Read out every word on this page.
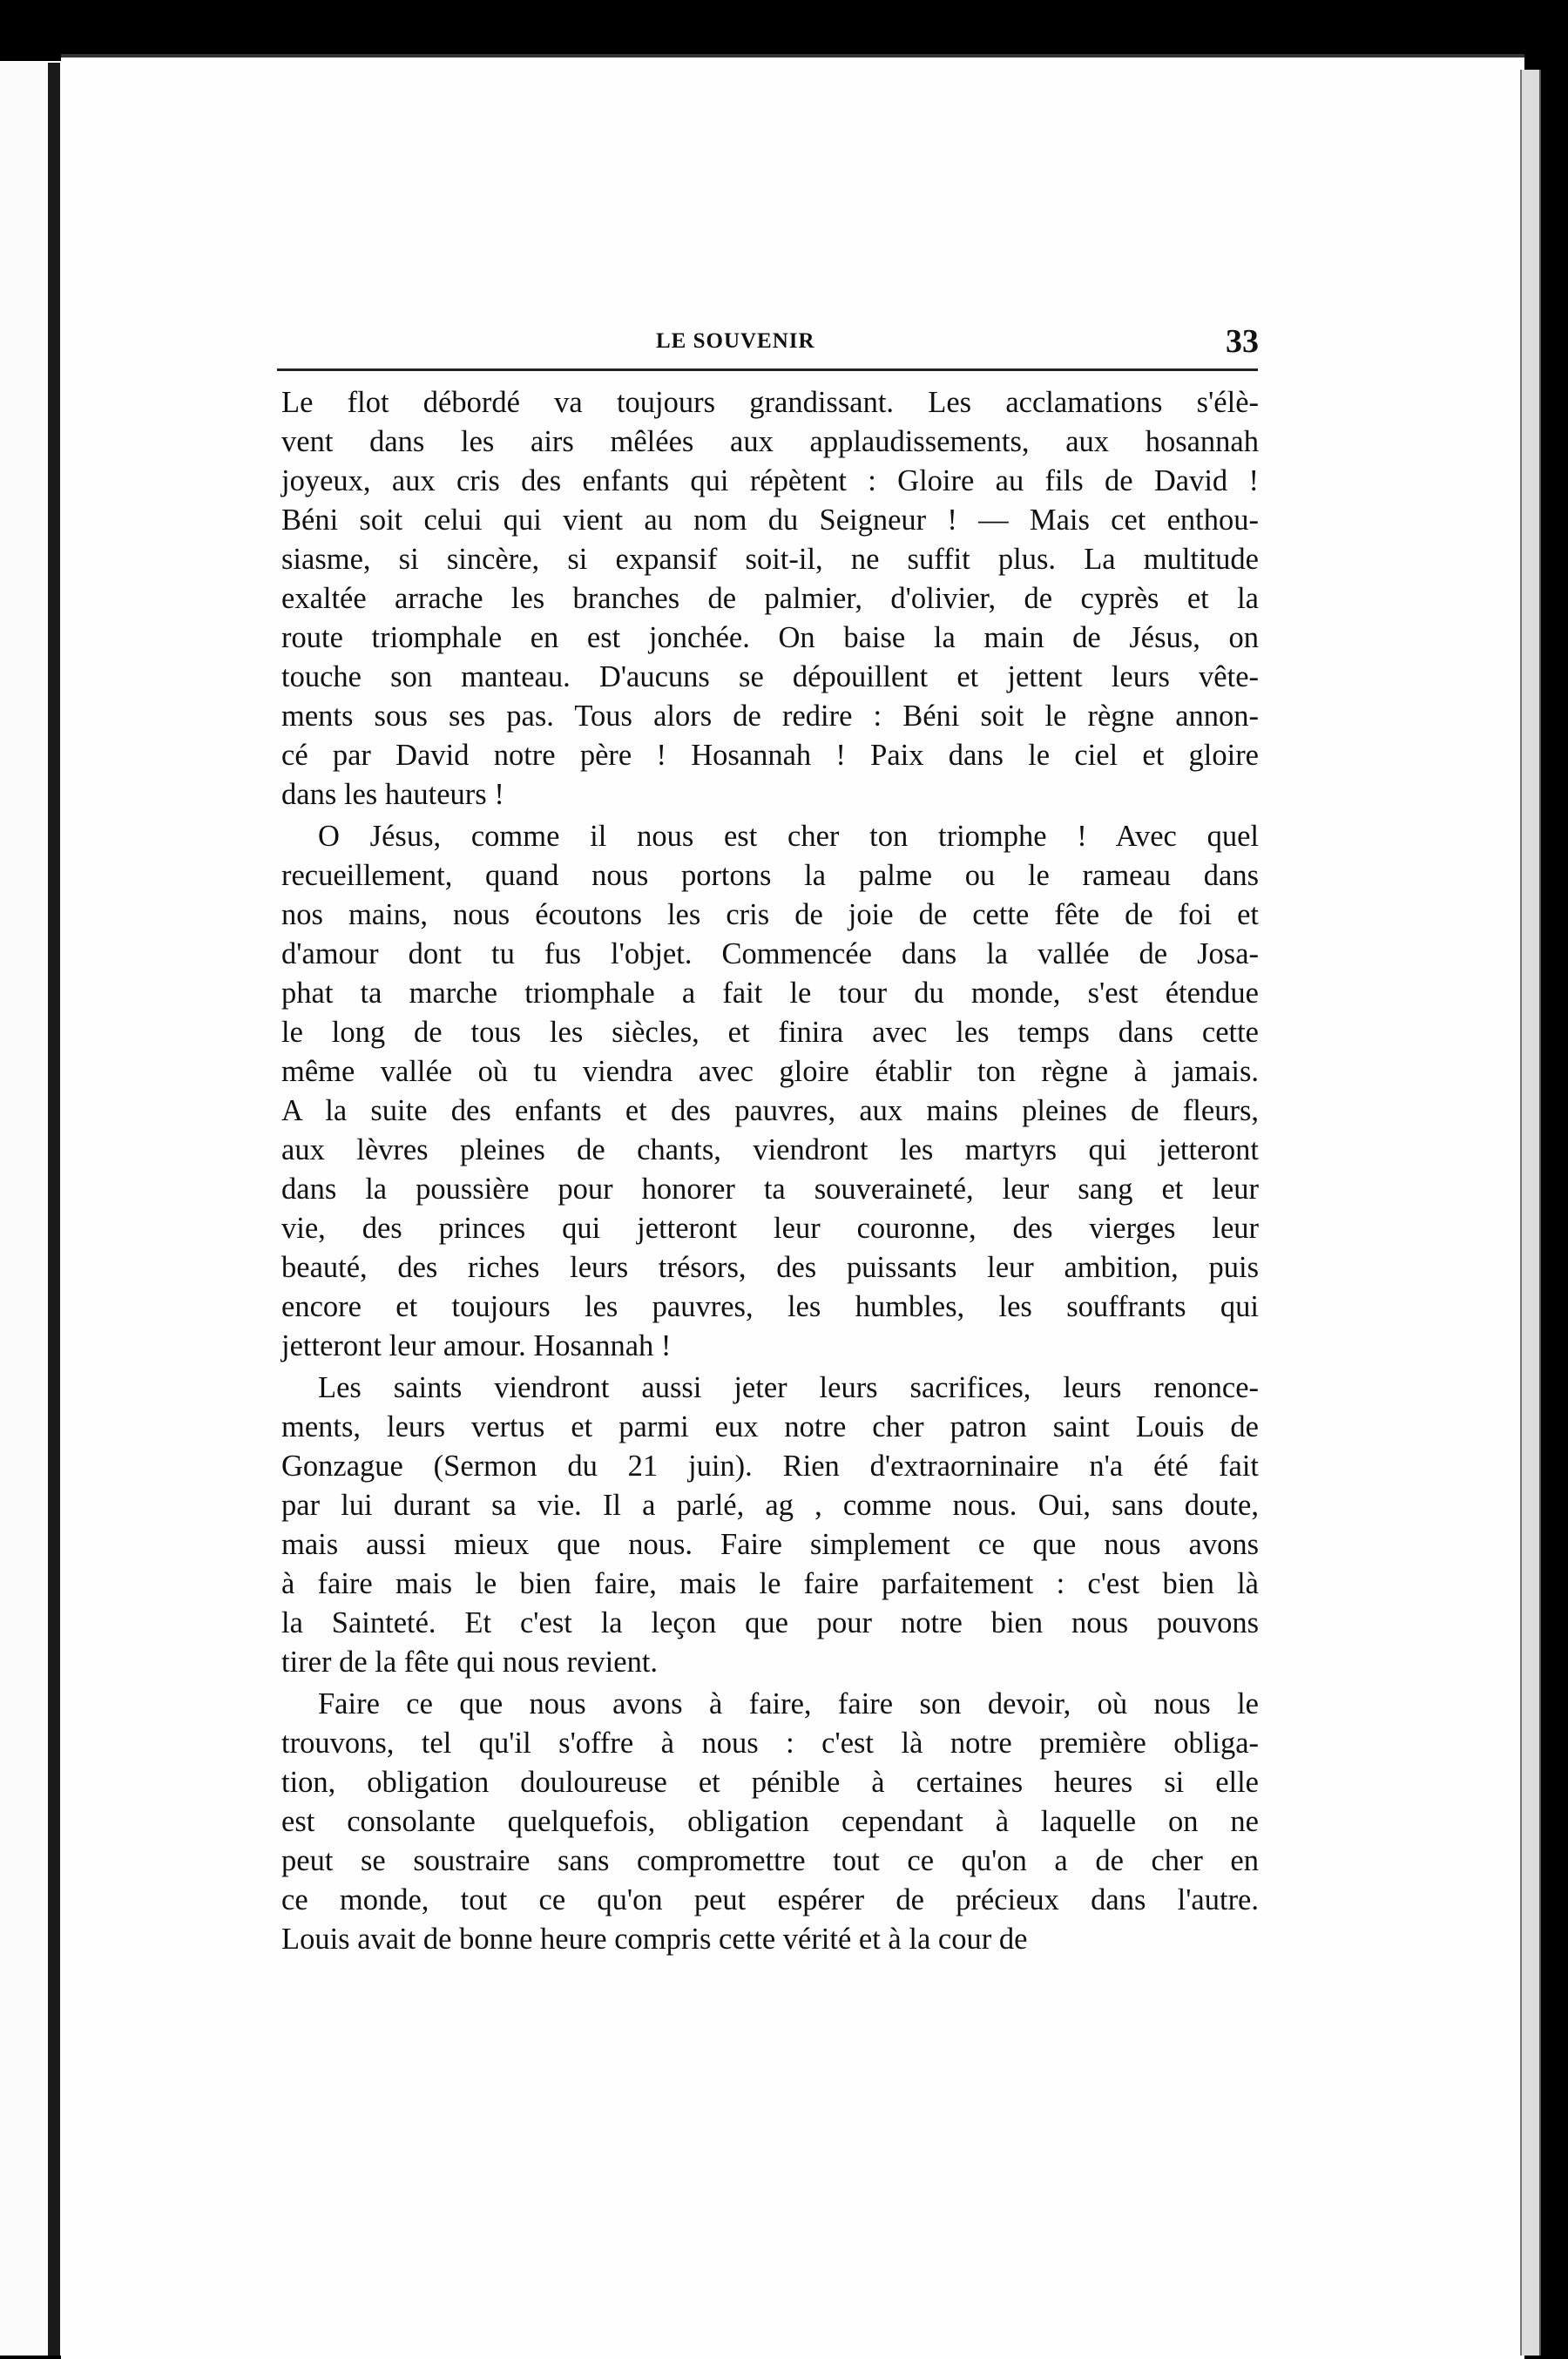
LE SOUVENIR	33
Le flot débordé va toujours grandissant. Les acclamations s'élè-
vent dans les airs mêlées aux applaudissements, aux hosannah
joyeux, aux cris des enfants qui répètent : Gloire au fils de David !
Béni soit celui qui vient au nom du Seigneur ! — Mais cet enthou-
siasme, si sincère, si expansif soit-il, ne suffit plus. La multitude
exaltée arrache les branches de palmier, d'olivier, de cyprès et la
route triomphale en est jonchée. On baise la main de Jésus, on
touche son manteau. D'aucuns se dépouillent et jettent leurs vête-
ments sous ses pas. Tous alors de redire : Béni soit le règne annon-
cé par David notre père ! Hosannah ! Paix dans le ciel et gloire
dans les hauteurs !
O Jésus, comme il nous est cher ton triomphe ! Avec quel
recueillement, quand nous portons la palme ou le rameau dans
nos mains, nous écoutons les cris de joie de cette fête de foi et
d'amour dont tu fus l'objet. Commencée dans la vallée de Josa-
phat ta marche triomphale a fait le tour du monde, s'est étendue
le long de tous les siècles, et finira avec les temps dans cette
même vallée où tu viendra avec gloire établir ton règne à jamais.
A la suite des enfants et des pauvres, aux mains pleines de fleurs,
aux lèvres pleines de chants, viendront les martyrs qui jetteront
dans la poussière pour honorer ta souveraineté, leur sang et leur
vie, des princes qui jetteront leur couronne, des vierges leur
beauté, des riches leurs trésors, des puissants leur ambition, puis
encore et toujours les pauvres, les humbles, les souffrants qui
jetteront leur amour. Hosannah !
Les saints viendront aussi jeter leurs sacrifices, leurs renonce-
ments, leurs vertus et parmi eux notre cher patron saint Louis de
Gonzague (Sermon du 21 juin). Rien d'extraorninaire n'a été fait
par lui durant sa vie. Il a parlé, ag , comme nous. Oui, sans doute,
mais aussi mieux que nous. Faire simplement ce que nous avons
à faire mais le bien faire, mais le faire parfaitement : c'est bien là
la Sainteté. Et c'est la leçon que pour notre bien nous pouvons
tirer de la fête qui nous revient.
Faire ce que nous avons à faire, faire son devoir, où nous le
trouvons, tel qu'il s'offre à nous : c'est là notre première obliga-
tion, obligation douloureuse et pénible à certaines heures si elle
est consolante quelquefois, obligation cependant à laquelle on ne
peut se soustraire sans compromettre tout ce qu'on a de cher en
ce monde, tout ce qu'on peut espérer de précieux dans l'autre.
Louis avait de bonne heure compris cette vérité et à la cour de
